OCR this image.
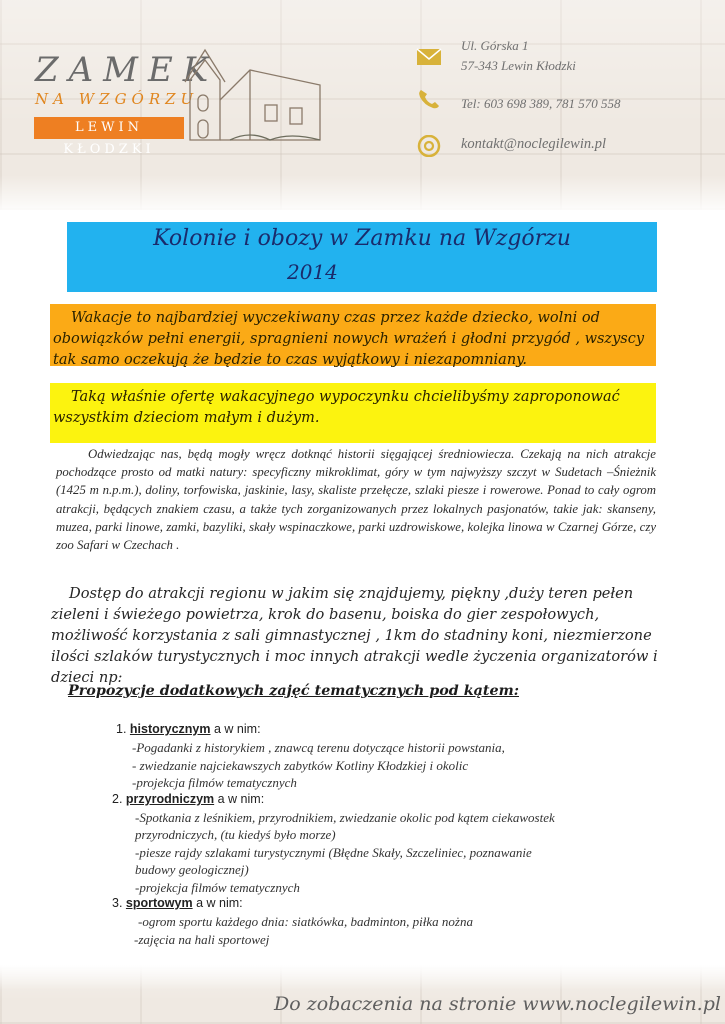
ZAMEK
NA WZGÓRZU
LEWIN KŁODZKI
Ul. Górska 1
57-343 Lewin Kłodzki
Tel: 603 698 389, 781 570 558
kontakt@noclegilewin.pl
Kolonie i obozy w Zamku na Wzgórzu
2014
Wakacje to najbardziej wyczekiwany czas przez każde dziecko, wolni od obowiązków pełni energii, spragnieni nowych wrażeń i głodni przygód , wszyscy tak samo oczekują że będzie to czas wyjątkowy i niezapomniany.
Taką właśnie ofertę wakacyjnego wypoczynku chcielibyśmy zaproponować wszystkim dzieciom małym i dużym.
Odwiedzając nas, będą mogły wręcz dotknąć historii sięgającej średniowiecza. Czekają na nich atrakcje pochodzące prosto od matki natury: specyficzny mikroklimat, góry w tym najwyższy szczyt w Sudetach –Śnieżnik (1425 m n.p.m.), doliny, torfowiska, jaskinie, lasy, skaliste przełęcze, szlaki piesze i rowerowe. Ponad to cały ogrom atrakcji, będących znakiem czasu, a także tych zorganizowanych przez lokalnych pasjonatów, takie jak: skanseny, muzea, parki linowe, zamki, bazyliki, skały wspinaczkowe, parki uzdrowiskowe, kolejka linowa w Czarnej Górze, czy zoo Safari w Czechach .
Dostęp do atrakcji regionu w jakim się znajdujemy, piękny ,duży teren pełen zieleni i świeżego powietrza, krok do basenu, boiska do gier zespołowych, możliwość korzystania z sali gimnastycznej , 1km do stadniny koni, niezmierzone ilości szlaków turystycznych i moc innych atrakcji wedle życzenia organizatorów i dzieci np:
Propozycje dodatkowych zajęć tematycznych pod kątem:
1. historycznym a w nim:
-Pogadanki z historykiem , znawcą terenu dotyczące historii powstania,
- zwiedzanie najciekawszych zabytków Kotliny Kłodzkiej i okolic
-projekcja filmów tematycznych
2. przyrodniczym a w nim:
-Spotkania z leśnikiem, przyrodnikiem, zwiedzanie okolic pod kątem ciekawostek
przyrodniczych, (tu kiedyś było morze)
-piesze rajdy szlakami turystycznymi (Błędne Skały, Szczeliniec, poznawanie
budowy geologicznej)
-projekcja filmów tematycznych
3. sportowym a w nim:
-ogrom sportu każdego dnia: siatkówka, badminton, piłka nożna
-zajęcia na hali sportowej
Do zobaczenia na stronie www.noclegilewin.pl
